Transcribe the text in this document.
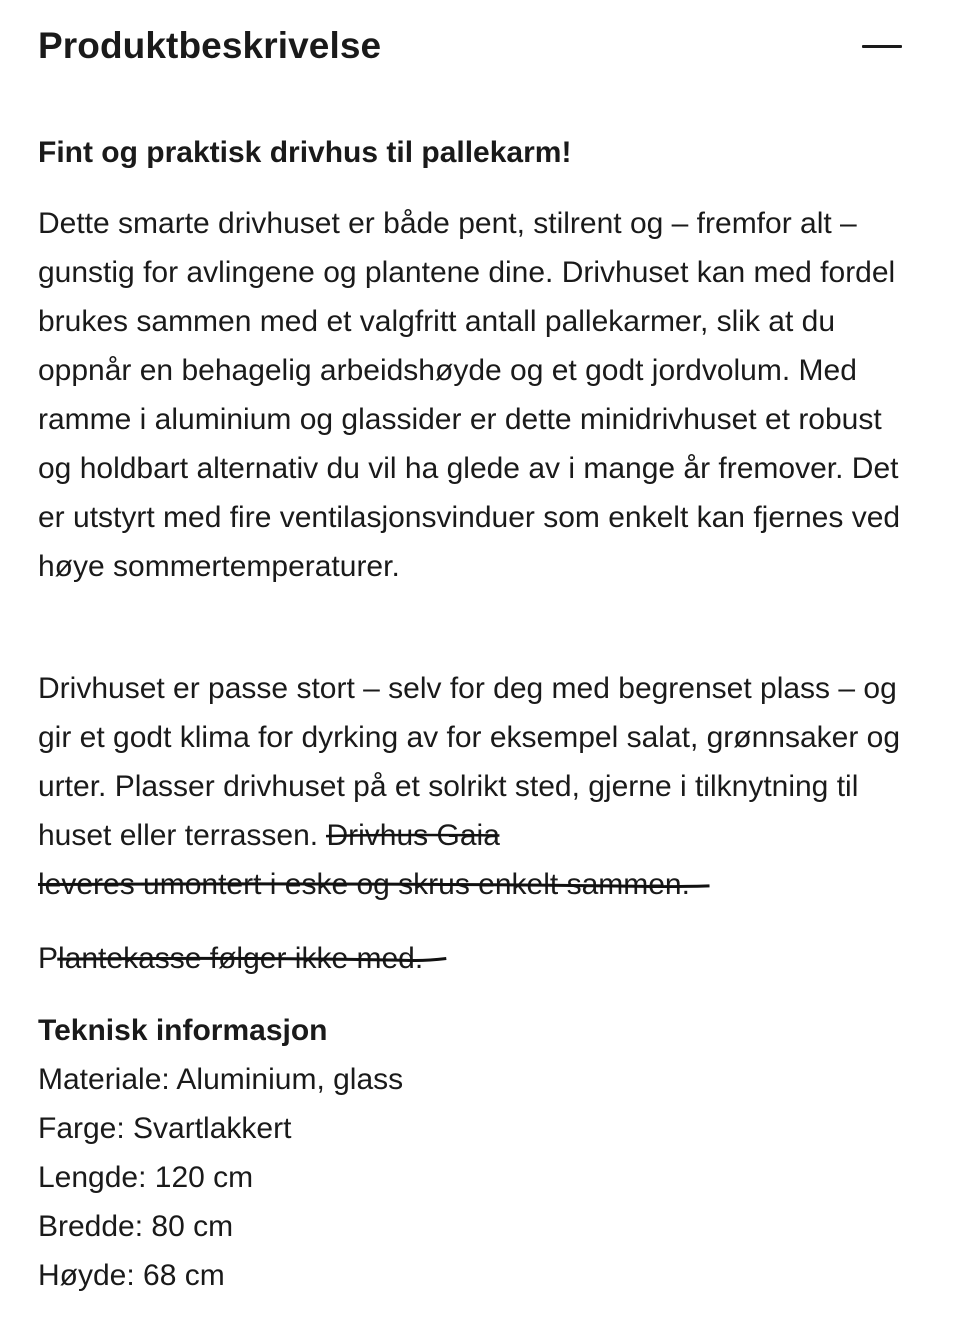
Produktbeskrivelse

Fint og praktisk drivhus til pallekarm!

Dette smarte drivhuset er både pent, stilrent og – fremfor alt – gunstig for avlingene og plantene dine. Drivhuset kan med fordel brukes sammen med et valgfritt antall pallekarmer, slik at du oppnår en behagelig arbeidshøyde og et godt jordvolum. Med ramme i aluminium og glassider er dette minidrivhuset et robust og holdbart alternativ du vil ha glede av i mange år fremover. Det er utstyrt med fire ventilasjonsvinduer som enkelt kan fjernes ved høye sommertemperaturer.

Drivhuset er passe stort – selv for deg med begrenset plass – og gir et godt klima for dyrking av for eksempel salat, grønnsaker og urter. Plasser drivhuset på et solrikt sted, gjerne i tilknytning til huset eller terrassen. Drivhus Gaia

leveres umontert i eske og skrus enkelt sammen.

Plantekasse følger ikke med.

Teknisk informasjon
Materiale: Aluminium, glass
Farge: Svartlakkert
Lengde: 120 cm
Bredde: 80 cm
Høyde: 68 cm
